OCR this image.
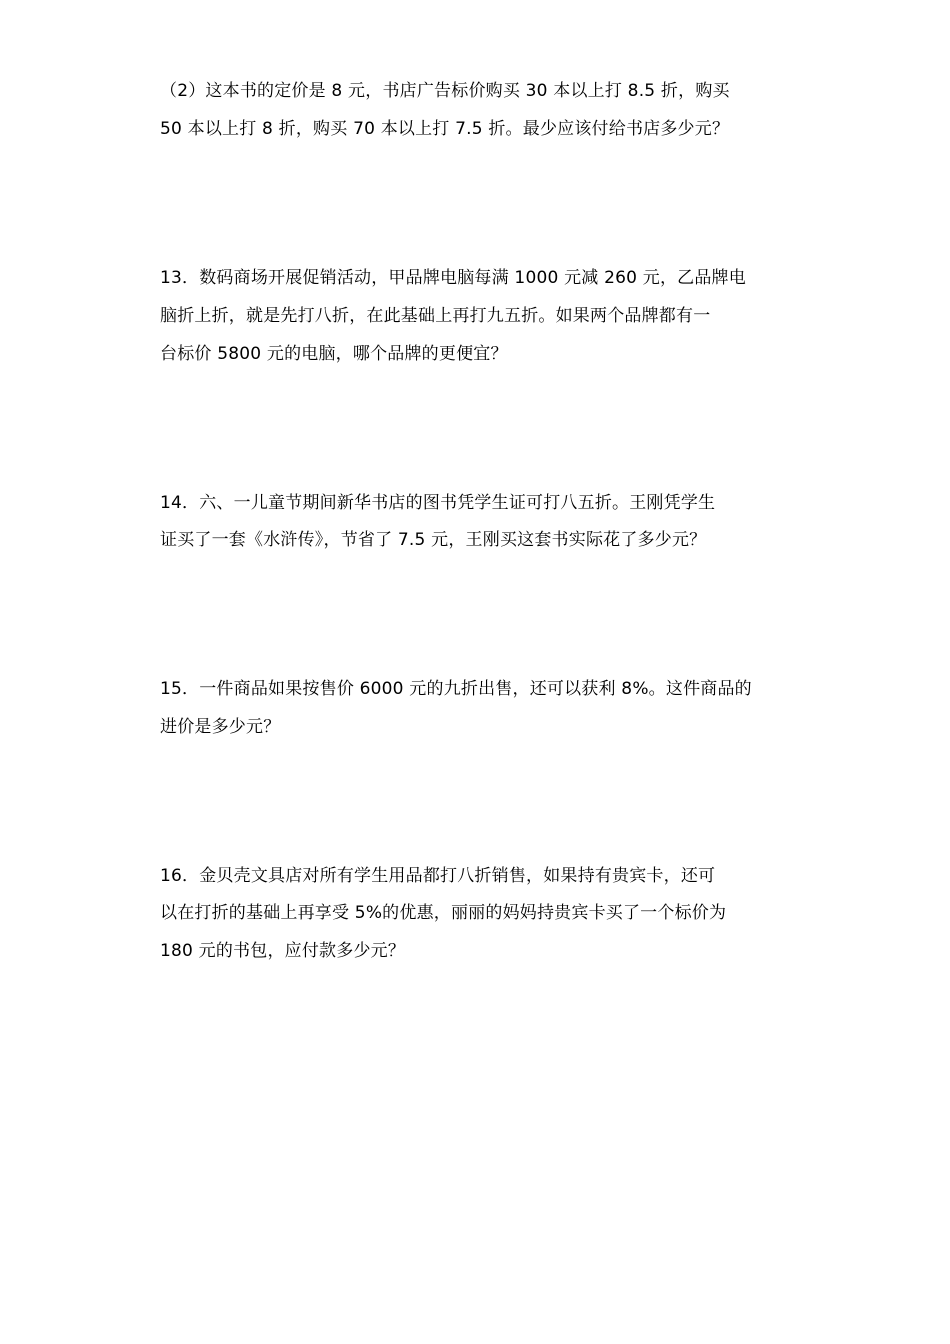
（2）这本书的定价是 8 元，书店广告标价购买 30 本以上打 8.5 折，购买
50 本以上打 8 折，购买 70 本以上打 7.5 折。最少应该付给书店多少元？
13．数码商场开展促销活动，甲品牌电脑每满 1000 元减 260 元，乙品牌电
脑折上折，就是先打八折，在此基础上再打九五折。如果两个品牌都有一
台标价 5800 元的电脑，哪个品牌的更便宜？
14．六、一儿童节期间新华书店的图书凭学生证可打八五折。王刚凭学生
证买了一套《水浒传》，节省了 7.5 元，王刚买这套书实际花了多少元？
15．一件商品如果按售价 6000 元的九折出售，还可以获利 8%。这件商品的
进价是多少元？
16．金贝壳文具店对所有学生用品都打八折销售，如果持有贵宾卡，还可
以在打折的基础上再享受 5%的优惠，丽丽的妈妈持贵宾卡买了一个标价为
180 元的书包，应付款多少元？
